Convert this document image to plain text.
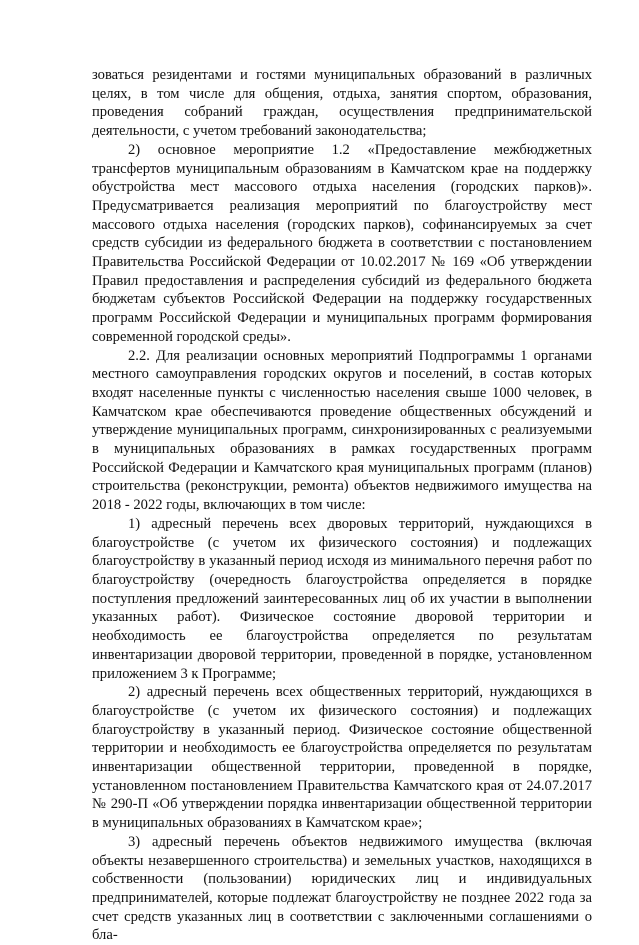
зоваться резидентами и гостями муниципальных образований в различных целях, в том числе для общения, отдыха, занятия спортом, образования, проведения собраний граждан, осуществления предпринимательской деятельности, с учетом требований законодательства;

2) основное мероприятие 1.2 «Предоставление межбюджетных трансфертов муниципальным образованиям в Камчатском крае на поддержку обустройства мест массового отдыха населения (городских парков)». Предусматривается реализация мероприятий по благоустройству мест массового отдыха населения (городских парков), софинансируемых за счет средств субсидии из федерального бюджета в соответствии с постановлением Правительства Российской Федерации от 10.02.2017 № 169 «Об утверждении Правил предоставления и распределения субсидий из федерального бюджета бюджетам субъектов Российской Федерации на поддержку государственных программ Российской Федерации и муниципальных программ формирования современной городской среды».

2.2. Для реализации основных мероприятий Подпрограммы 1 органами местного самоуправления городских округов и поселений, в состав которых входят населенные пункты с численностью населения свыше 1000 человек, в Камчатском крае обеспечиваются проведение общественных обсуждений и утверждение муниципальных программ, синхронизированных с реализуемыми в муниципальных образованиях в рамках государственных программ Российской Федерации и Камчатского края муниципальных программ (планов) строительства (реконструкции, ремонта) объектов недвижимого имущества на 2018 - 2022 годы, включающих в том числе:

1) адресный перечень всех дворовых территорий, нуждающихся в благоустройстве (с учетом их физического состояния) и подлежащих благоустройству в указанный период исходя из минимального перечня работ по благоустройству (очередность благоустройства определяется в порядке поступления предложений заинтересованных лиц об их участии в выполнении указанных работ). Физическое состояние дворовой территории и необходимость ее благоустройства определяется по результатам инвентаризации дворовой территории, проведенной в порядке, установленном приложением 3 к Программе;

2) адресный перечень всех общественных территорий, нуждающихся в благоустройстве (с учетом их физического состояния) и подлежащих благоустройству в указанный период. Физическое состояние общественной территории и необходимость ее благоустройства определяется по результатам инвентаризации общественной территории, проведенной в порядке, установленном постановлением Правительства Камчатского края от 24.07.2017 № 290-П «Об утверждении порядка инвентаризации общественной территории в муниципальных образованиях в Камчатском крае»;

3) адресный перечень объектов недвижимого имущества (включая объекты незавершенного строительства) и земельных участков, находящихся в собственности (пользовании) юридических лиц и индивидуальных предпринимателей, которые подлежат благоустройству не позднее 2022 года за счет средств указанных лиц в соответствии с заключенными соглашениями о бла-
